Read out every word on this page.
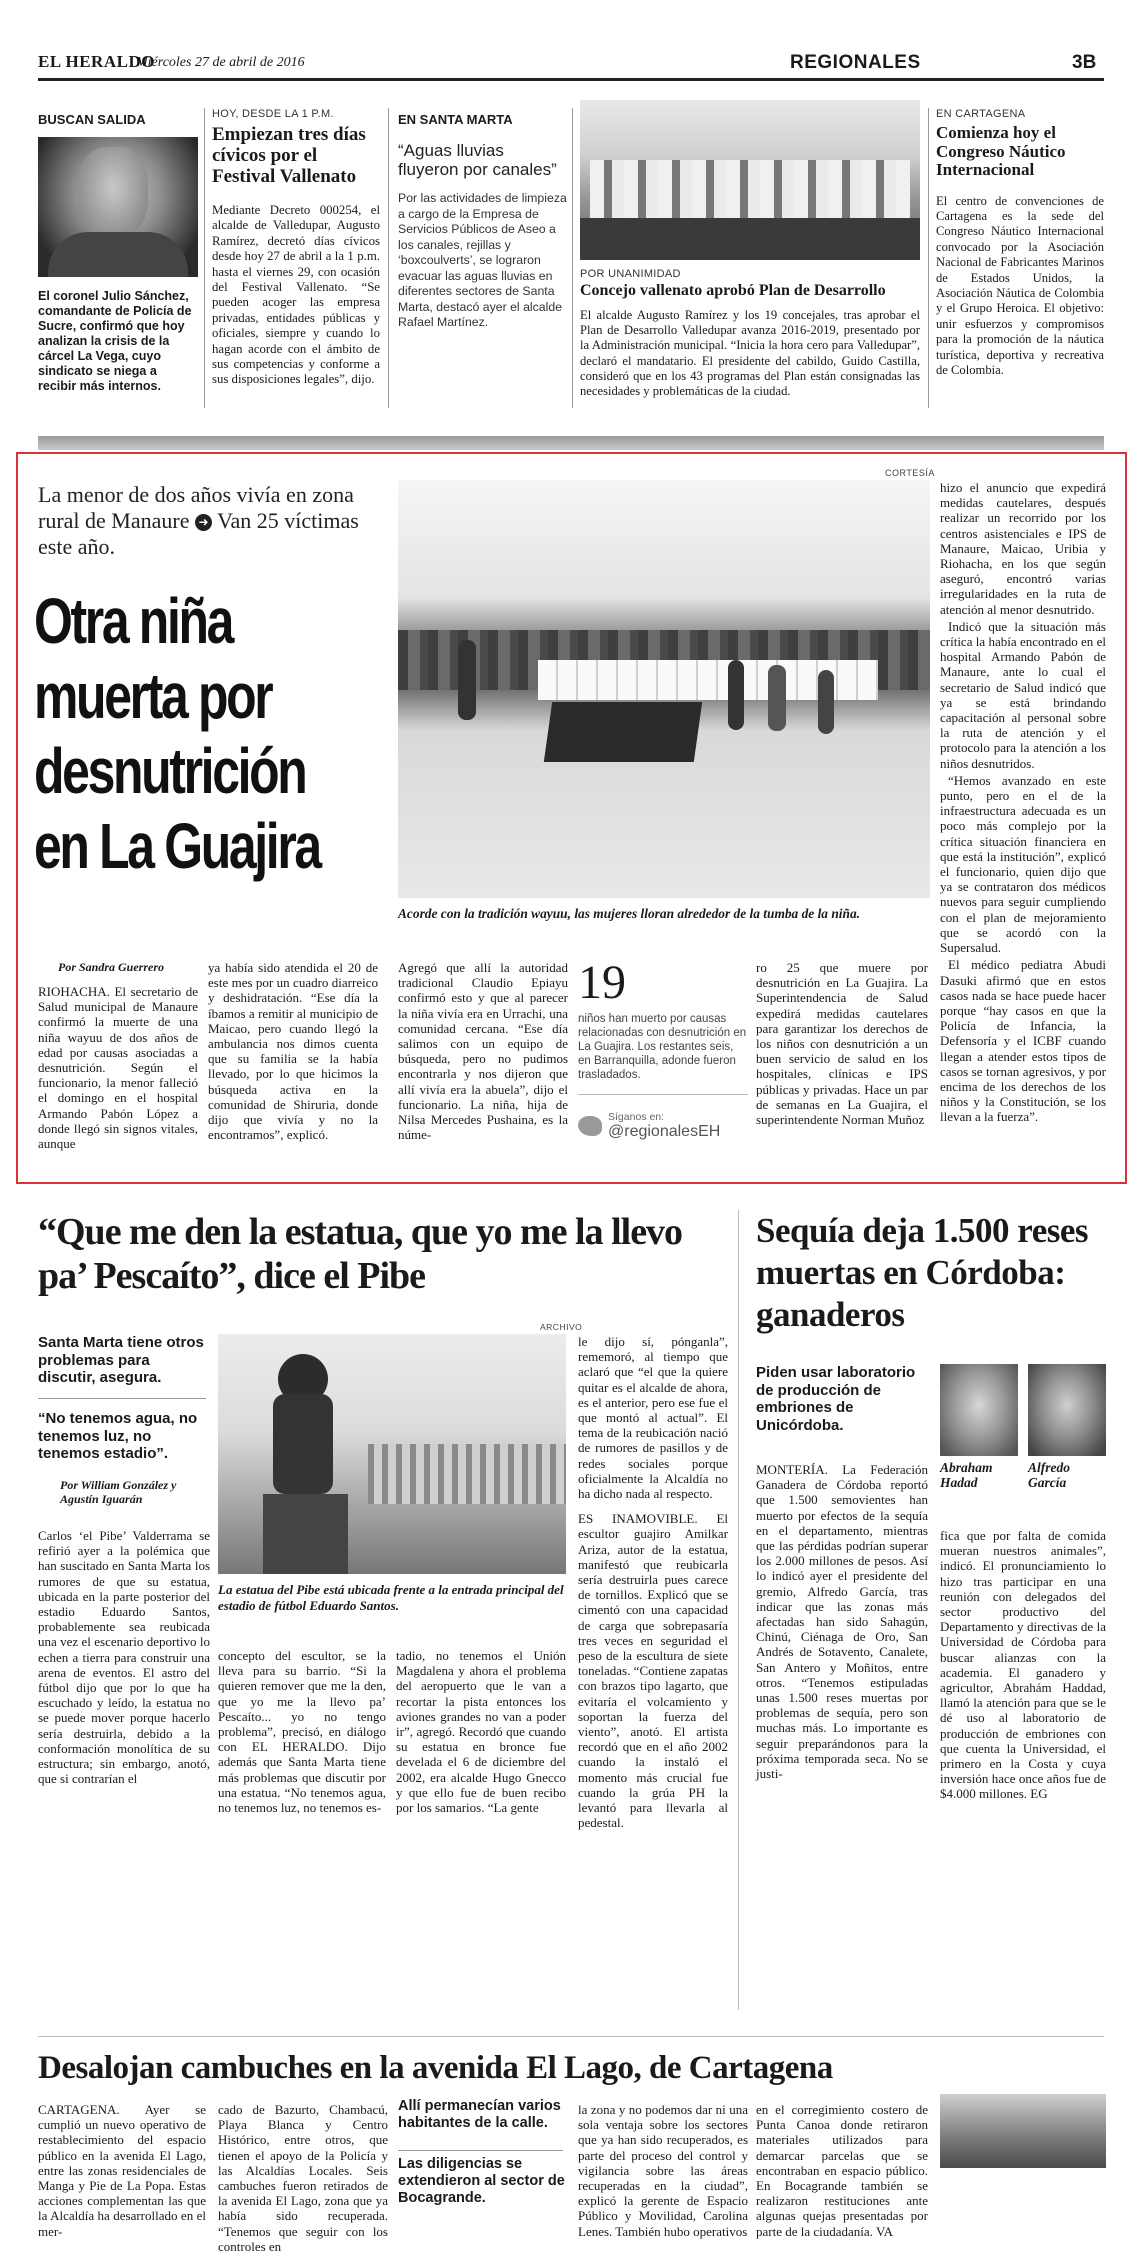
EL HERALDO
Miércoles 27 de abril de 2016	REGIONALES	3B
BUSCAN SALIDA
El coronel Julio Sánchez, comandante de Policía de Sucre, confirmó que hoy analizan la crisis de la cárcel La Vega, cuyo sindicato se niega a recibir más internos.
HOY, DESDE LA 1 P.M.
Empiezan tres días cívicos por el Festival Vallenato

Mediante Decreto 000254, el alcalde de Valledupar, Augusto Ramírez, decretó días cívicos desde hoy 27 de abril a la 1 p.m. hasta el viernes 29, con ocasión del Festival Vallenato. “Se pueden acoger las empresa privadas, entidades públicas y oficiales, siempre y cuando lo hagan acorde con el ámbito de sus competencias y conforme a sus disposiciones legales”, dijo.

EN SANTA MARTA
“Aguas lluvias fluyeron por canales”

Por las actividades de limpieza a cargo de la Empresa de Servicios Públicos de Aseo a los canales, rejillas y ‘boxcoulverts’, se lograron evacuar las aguas lluvias en diferentes sectores de Santa Marta, destacó ayer el alcalde Rafael Martínez.

POR UNANIMIDAD
Concejo vallenato aprobó Plan de Desarrollo

El alcalde Augusto Ramírez y los 19 concejales, tras aprobar el Plan de Desarrollo Valledupar avanza 2016-2019, presentado por la Administración municipal. “Inicia la hora cero para Valledupar”, declaró el mandatario. El presidente del cabildo, Guido Castilla, consideró que en los 43 programas del Plan están consignadas las necesidades y problemáticas de la ciudad.

EN CARTAGENA
Comienza hoy el Congreso Náutico Internacional

El centro de convenciones de Cartagena es la sede del Congreso Náutico Internacional convocado por la Asociación Nacional de Fabricantes Marinos de Estados Unidos, la Asociación Náutica de Colombia y el Grupo Heroica. El objetivo: unir esfuerzos y compromisos para la promoción de la náutica turística, deportiva y recreativa de Colombia.

La menor de dos años vivía en zona rural de Manaure ➜ Van 25 víctimas este año.
Otra niña muerta por desnutrición en La Guajira
CORTESÍA
Acorde con la tradición wayuu, las mujeres lloran alrededor de la tumba de la niña.
Por Sandra Guerrero

RIOHACHA. El secretario de Salud municipal de Manaure confirmó la muerte de una niña wayuu de dos años de edad por causas asociadas a desnutrición. Según el funcionario, la menor falleció el domingo en el hospital Armando Pabón López a donde llegó sin signos vitales, aunque

ya había sido atendida el 20 de este mes por un cuadro diarreico y deshidratación. “Ese día la íbamos a remitir al municipio de Maicao, pero cuando llegó la ambulancia nos dimos cuenta que su familia se la había llevado, por lo que hicimos la búsqueda activa en la comunidad de Shiruria, donde dijo que vivía y no la encontramos”, explicó.

Agregó que allí la autoridad tradicional Claudio Epiayu confirmó esto y que al parecer la niña vivía era en Urrachi, una comunidad cercana. “Ese día salimos con un equipo de búsqueda, pero no pudimos encontrarla y nos dijeron que allí vivía era la abuela”, dijo el funcionario. La niña, hija de Nilsa Mercedes Pushaina, es la núme-

19
niños han muerto por causas relacionadas con desnutrición en La Guajira. Los restantes seis, en Barranquilla, adonde fueron trasladados.
Síganos en:
@regionalesEH

ro 25 que muere por desnutrición en La Guajira. La Superintendencia de Salud expedirá medidas cautelares para garantizar los derechos de los niños con desnutrición a un buen servicio de salud en los hospitales, clínicas e IPS públicas y privadas. Hace un par de semanas en La Guajira, el superintendente Norman Muñoz

hizo el anuncio que expedirá medidas cautelares, después realizar un recorrido por los centros asistenciales e IPS de Manaure, Maicao, Uribia y Riohacha, en los que según aseguró, encontró varias irregularidades en la ruta de atención al menor desnutrido.

Indicó que la situación más crítica la había encontrado en el hospital Armando Pabón de Manaure, ante lo cual el secretario de Salud indicó que ya se está brindando capacitación al personal sobre la ruta de atención y el protocolo para la atención a los niños desnutridos.

“Hemos avanzado en este punto, pero en el de la infraestructura adecuada es un poco más complejo por la crítica situación financiera en que está la institución”, explicó el funcionario, quien dijo que ya se contrataron dos médicos nuevos para seguir cumpliendo con el plan de mejoramiento que se acordó con la Supersalud.

El médico pediatra Abudi Dasuki afirmó que en estos casos nada se hace puede hacer porque “hay casos en que la Policía de Infancia, la Defensoría y el ICBF cuando llegan a atender estos tipos de casos se tornan agresivos, y por encima de los derechos de los niños y la Constitución, se los llevan a la fuerza”.

“Que me den la estatua, que yo me la llevo pa’ Pescaíto”, dice el Pibe
Santa Marta tiene otros problemas para discutir, asegura.
“No tenemos agua, no tenemos luz, no tenemos estadio”.
Por William González y Agustín Iguarán

Carlos ‘el Pibe’ Valderrama se refirió ayer a la polémica que han suscitado en Santa Marta los rumores de que su estatua, ubicada en la parte posterior del estadio Eduardo Santos, probablemente sea reubicada una vez el escenario deportivo lo echen a tierra para construir una arena de eventos. El astro del fútbol dijo que por lo que ha escuchado y leído, la estatua no se puede mover porque hacerlo sería destruirla, debido a la conformación monolítica de su estructura; sin embargo, anotó, que si contrarían el

ARCHIVO
La estatua del Pibe está ubicada frente a la entrada principal del estadio de fútbol Eduardo Santos.

concepto del escultor, se la lleva para su barrio. “Si la quieren remover que me la den, que yo me la llevo pa’ Pescaíto... yo no tengo problema”, precisó, en diálogo con EL HERALDO. Dijo además que Santa Marta tiene más problemas que discutir por una estatua. “No tenemos agua, no tenemos luz, no tenemos es-

tadio, no tenemos el Unión Magdalena y ahora el problema del aeropuerto que le van a recortar la pista entonces los aviones grandes no van a poder ir”, agregó. Recordó que cuando su estatua en bronce fue develada el 6 de diciembre del 2002, era alcalde Hugo Gnecco y que ello fue de buen recibo por los samarios. “La gente

le dijo sí, pónganla”, rememoró, al tiempo que aclaró que “el que la quiere quitar es el alcalde de ahora, es el anterior, pero ese fue el que montó al actual”. El tema de la reubicación nació de rumores de pasillos y de redes sociales porque oficialmente la Alcaldía no ha dicho nada al respecto.

ES INAMOVIBLE. El escultor guajiro Amilkar Ariza, autor de la estatua, manifestó que reubicarla sería destruirla pues carece de tornillos. Explicó que se cimentó con una capacidad de carga que sobrepasaría tres veces en seguridad el peso de la escultura de siete toneladas. “Contiene zapatas con brazos tipo lagarto, que evitaría el volcamiento y soportan la fuerza del viento”, anotó. El artista recordó que en el año 2002 cuando la instaló el momento más crucial fue cuando la grúa PH la levantó para llevarla al pedestal.

Sequía deja 1.500 reses muertas en Córdoba: ganaderos
Piden usar laboratorio de producción de embriones de Unicórdoba.
Abraham Hadad
Alfredo García

MONTERÍA. La Federación Ganadera de Córdoba reportó que 1.500 semovientes han muerto por efectos de la sequía en el departamento, mientras que las pérdidas podrían superar los 2.000 millones de pesos. Así lo indicó ayer el presidente del gremio, Alfredo García, tras indicar que las zonas más afectadas han sido Sahagún, Chinú, Ciénaga de Oro, San Andrés de Sotavento, Canalete, San Antero y Moñitos, entre otros. “Tenemos estipuladas unas 1.500 reses muertas por problemas de sequía, pero son muchas más. Lo importante es seguir preparándonos para la próxima temporada seca. No se justi-

fica que por falta de comida mueran nuestros animales”, indicó. El pronunciamiento lo hizo tras participar en una reunión con delegados del sector productivo del Departamento y directivas de la Universidad de Córdoba para buscar alianzas con la academia. El ganadero y agricultor, Abrahám Haddad, llamó la atención para que se le dé uso al laboratorio de producción de embriones con que cuenta la Universidad, el primero en la Costa y cuya inversión hace once años fue de $4.000 millones. EG

Desalojan cambuches en la avenida El Lago, de Cartagena

CARTAGENA. Ayer se cumplió un nuevo operativo de restablecimiento del espacio público en la avenida El Lago, entre las zonas residenciales de Manga y Pie de La Popa. Estas acciones complementan las que la Alcaldía ha desarrollado en el mer-

cado de Bazurto, Chambacú, Playa Blanca y Centro Histórico, entre otros, que tienen el apoyo de la Policía y las Alcaldías Locales. Seis cambuches fueron retirados de la avenida El Lago, zona que ya había sido recuperada. “Tenemos que seguir con los controles en

Allí permanecían varios habitantes de la calle.
Las diligencias se extendieron al sector de Bocagrande.

la zona y no podemos dar ni una sola ventaja sobre los sectores que ya han sido recuperados, es parte del proceso del control y vigilancia sobre las áreas recuperadas en la ciudad”, explicó la gerente de Espacio Público y Movilidad, Carolina Lenes. También hubo operativos

en el corregimiento costero de Punta Canoa donde retiraron materiales utilizados para demarcar parcelas que se encontraban en espacio público. En Bocagrande también se realizaron restituciones ante algunas quejas presentadas por parte de la ciudadanía. VA
